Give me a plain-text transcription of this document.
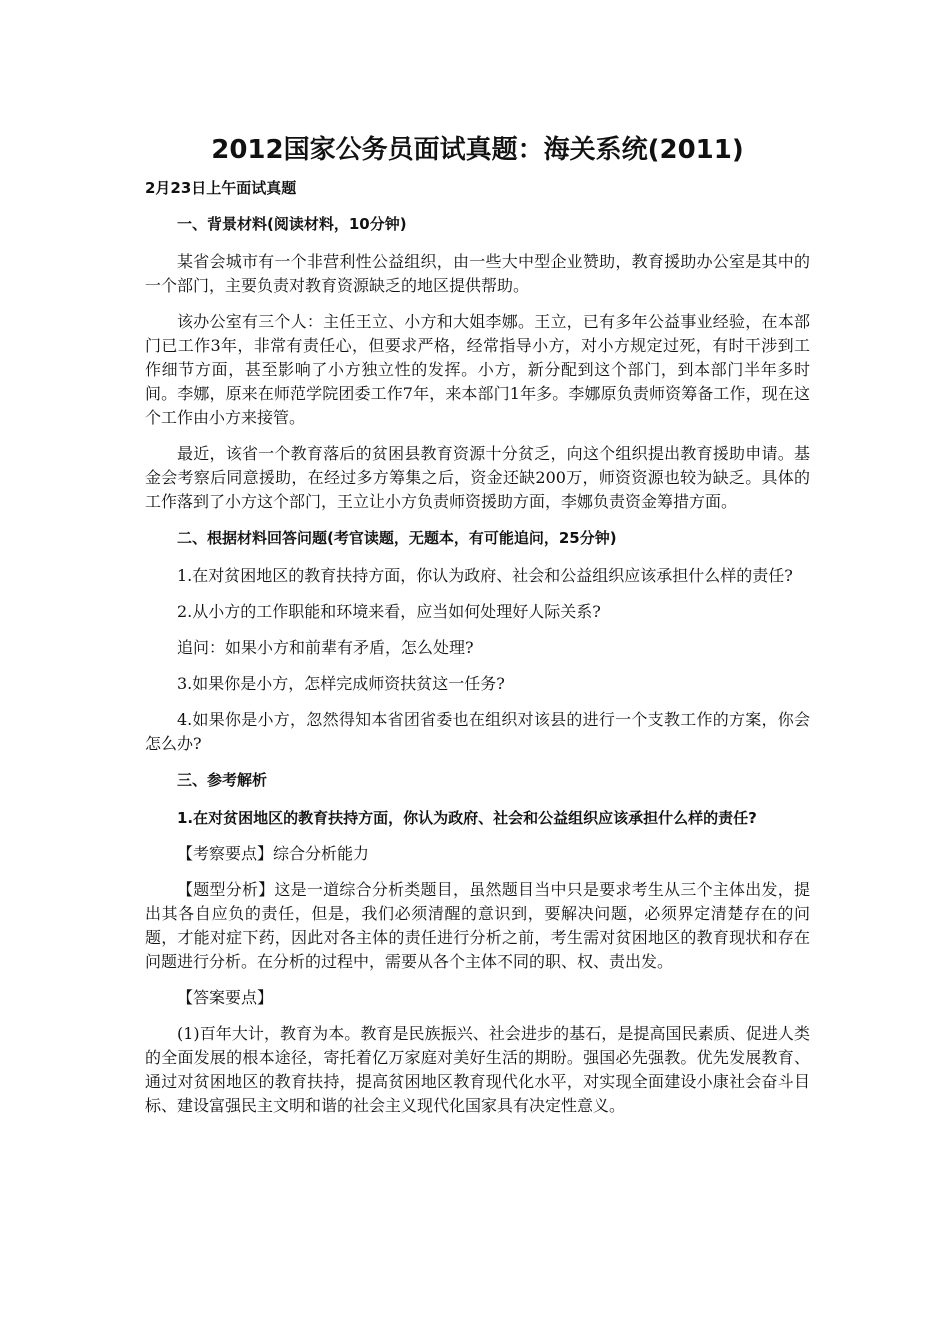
2012国家公务员面试真题：海关系统(2011)
2月23日上午面试真题
一、背景材料(阅读材料，10分钟)

某省会城市有一个非营利性公益组织，由一些大中型企业赞助，教育援助办公室是其中的一个部门，主要负责对教育资源缺乏的地区提供帮助。

该办公室有三个人：主任王立、小方和大姐李娜。王立，已有多年公益事业经验，在本部门已工作3年，非常有责任心，但要求严格，经常指导小方，对小方规定过死，有时干涉到工作细节方面，甚至影响了小方独立性的发挥。小方，新分配到这个部门，到本部门半年多时间。李娜，原来在师范学院团委工作7年，来本部门1年多。李娜原负责师资筹备工作，现在这个工作由小方来接管。

最近，该省一个教育落后的贫困县教育资源十分贫乏，向这个组织提出教育援助申请。基金会考察后同意援助，在经过多方筹集之后，资金还缺200万，师资资源也较为缺乏。具体的工作落到了小方这个部门，王立让小方负责师资援助方面，李娜负责资金筹措方面。

二、根据材料回答问题(考官读题，无题本，有可能追问，25分钟)

1.在对贫困地区的教育扶持方面，你认为政府、社会和公益组织应该承担什么样的责任?

2.从小方的工作职能和环境来看，应当如何处理好人际关系?

追问：如果小方和前辈有矛盾，怎么处理?

3.如果你是小方，怎样完成师资扶贫这一任务?

4.如果你是小方，忽然得知本省团省委也在组织对该县的进行一个支教工作的方案，你会怎么办?

三、参考解析

1.在对贫困地区的教育扶持方面，你认为政府、社会和公益组织应该承担什么样的责任?

【考察要点】综合分析能力

【题型分析】这是一道综合分析类题目，虽然题目当中只是要求考生从三个主体出发，提出其各自应负的责任，但是，我们必须清醒的意识到，要解决问题，必须界定清楚存在的问题，才能对症下药，因此对各主体的责任进行分析之前，考生需对贫困地区的教育现状和存在问题进行分析。在分析的过程中，需要从各个主体不同的职、权、责出发。

【答案要点】

(1)百年大计，教育为本。教育是民族振兴、社会进步的基石，是提高国民素质、促进人类的全面发展的根本途径，寄托着亿万家庭对美好生活的期盼。强国必先强教。优先发展教育、通过对贫困地区的教育扶持，提高贫困地区教育现代化水平，对实现全面建设小康社会奋斗目标、建设富强民主文明和谐的社会主义现代化国家具有决定性意义。
